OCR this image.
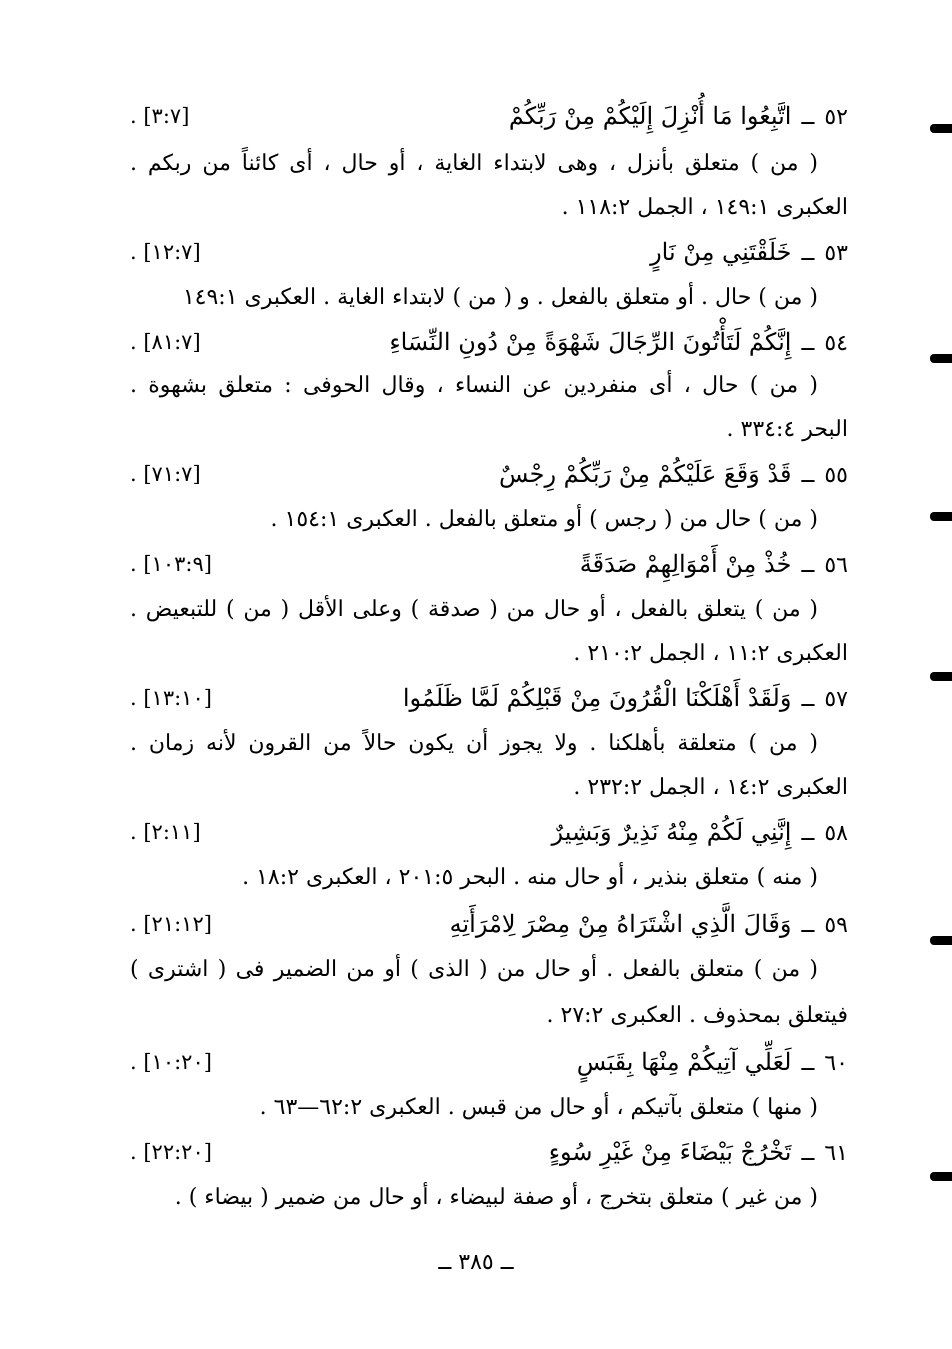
٥٢ــاتَّبِعُوا مَا أُنْزِلَ إِلَيْكُمْ مِنْ رَبِّكُمْ
. [٣:٧]
( من ) متعلق بأنزل ، وهى لابتداء الغاية ، أو حال ، أى كائناً من ربكم .
العكبرى ١٤٩:١ ، الجمل ١١٨:٢ .
٥٣ــخَلَقْتَنِي مِنْ نَارٍ
. [١٢:٧]
( من ) حال . أو متعلق بالفعل . و ( من ) لابتداء الغاية . العكبرى ١٤٩:١
٥٤ــإِنَّكُمْ لَتَأْتُونَ الرِّجَالَ شَهْوَةً مِنْ دُونِ النِّسَاءِ
. [٨١:٧]
( من ) حال ، أى منفردين عن النساء ، وقال الحوفى : متعلق بشهوة .
البحر ٣٣٤:٤ .
٥٥ــقَدْ وَقَعَ عَلَيْكُمْ مِنْ رَبِّكُمْ رِجْسٌ
. [٧١:٧]
( من ) حال من ( رجس ) أو متعلق بالفعل . العكبرى ١٥٤:١ .
٥٦ــخُذْ مِنْ أَمْوَالِهِمْ صَدَقَةً
. [١٠٣:٩]
( من ) يتعلق بالفعل ، أو حال من ( صدقة ) وعلى الأقل ( من ) للتبعيض .
العكبرى ١١:٢ ، الجمل ٢١٠:٢ .
٥٧ــوَلَقَدْ أَهْلَكْنَا الْقُرُونَ مِنْ قَبْلِكُمْ لَمَّا ظَلَمُوا
. [١٣:١٠]
( من ) متعلقة بأهلكنا . ولا يجوز أن يكون حالاً من القرون لأنه زمان .
العكبرى ١٤:٢ ، الجمل ٢٣٢:٢ .
٥٨ــإِنَّنِي لَكُمْ مِنْهُ نَذِيرٌ وَبَشِيرٌ
. [٢:١١]
( منه ) متعلق بنذير ، أو حال منه . البحر ٢٠١:٥ ، العكبرى ١٨:٢ .
٥٩ــوَقَالَ الَّذِي اشْتَرَاهُ مِنْ مِصْرَ لِامْرَأَتِهِ
. [٢١:١٢]
( من ) متعلق بالفعل . أو حال من ( الذى ) أو من الضمير فى ( اشترى )
فيتعلق بمحذوف . العكبرى ٢٧:٢ .
٦٠ــلَعَلِّي آتِيكُمْ مِنْهَا بِقَبَسٍ
. [١٠:٢٠]
( منها ) متعلق بآتيكم ، أو حال من قبس . العكبرى ٦٢:٢—٦٣ .
٦١ــتَخْرُجْ بَيْضَاءَ مِنْ غَيْرِ سُوءٍ
. [٢٢:٢٠]
( من غير ) متعلق بتخرج ، أو صفة لبيضاء ، أو حال من ضمير ( بيضاء ) .
ــ ٣٨٥ ــ
